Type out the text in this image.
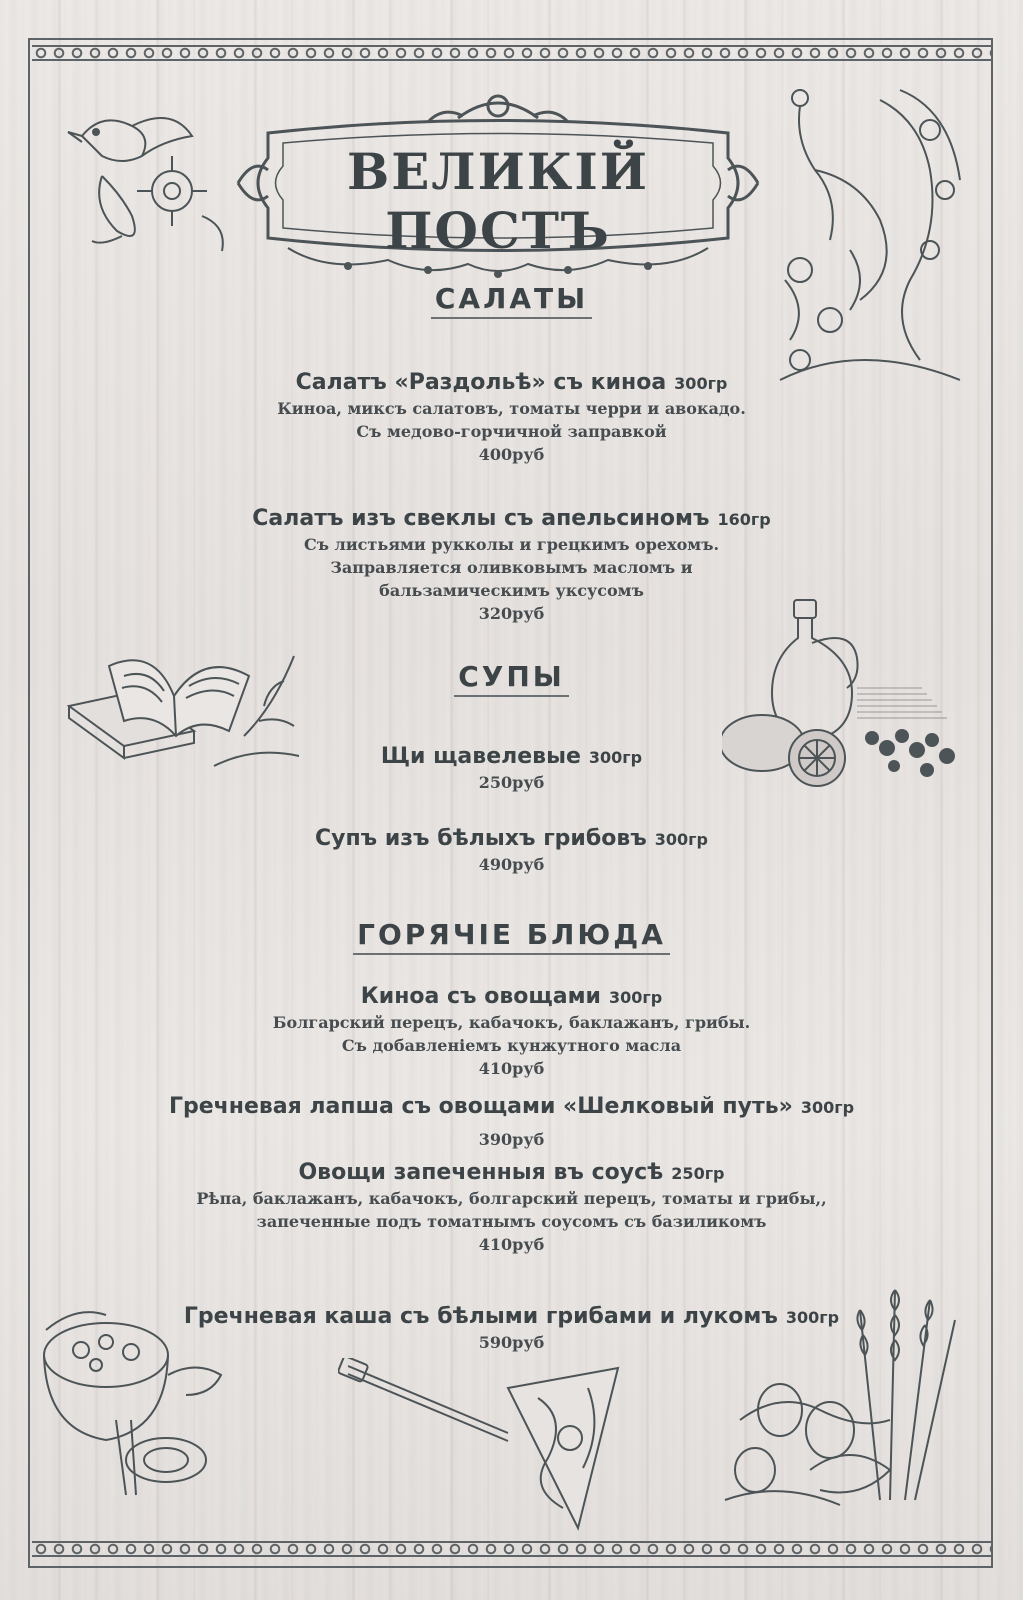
ВЕЛИКIЙ ПОСТЪ
САЛАТЫ
Салатъ «Раздольѣ» съ киноа 300гр
Киноа, миксъ салатовъ, томаты черри и авокадо.
Съ медово-горчичной заправкой
400руб
Салатъ изъ свеклы съ апельсиномъ 160гр
Съ листьями рукколы и грецкимъ орехомъ.
Заправляется оливковымъ масломъ и
бальзамическимъ уксусомъ
320руб
СУПЫ
Щи щавелевые 300гр
250руб
Супъ изъ бѣлыхъ грибовъ 300гр
490руб
ГОРЯЧIЕ БЛЮДА
Киноа съ овощами 300гр
Болгарский перецъ, кабачокъ, баклажанъ, грибы.
Съ добавленiемъ кунжутного масла
410руб
Гречневая лапша съ овощами «Шелковый путь» 300гр
390руб
Овощи запеченныя въ соусѣ 250гр
Рѣпа, баклажанъ, кабачокъ, болгарский перецъ, томаты и грибы,,
запеченные подъ томатнымъ соусомъ съ базиликомъ
410руб
Гречневая каша съ бѣлыми грибами и лукомъ 300гр
590руб
